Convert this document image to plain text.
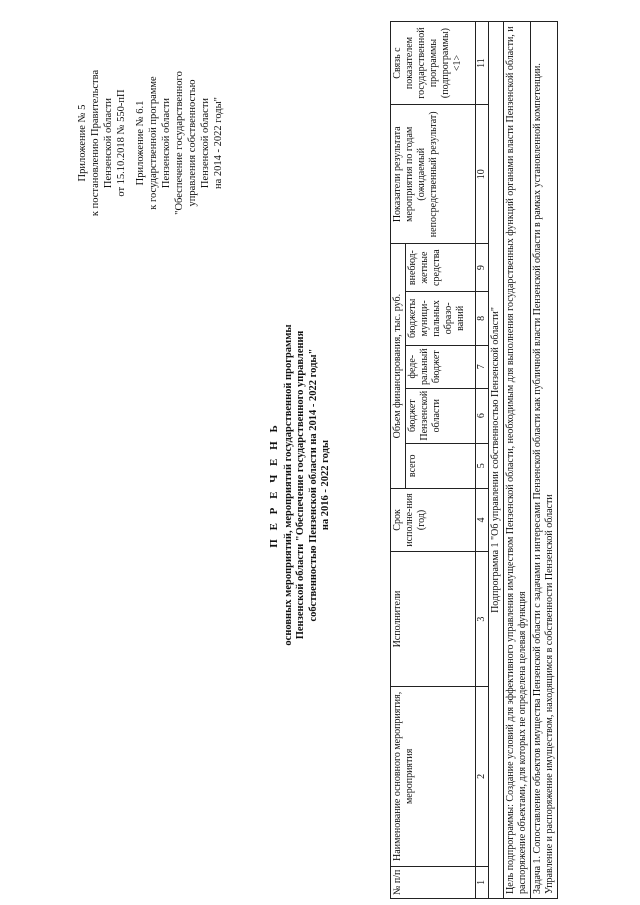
Приложение № 5 к постановлению Правительства Пензенской области от 15.10.2018 № 550-пП Приложение № 6.1 к государственной программе Пензенской области "Обеспечение государственного управления собственностью Пензенской области на 2014 - 2022 годы"
П Е Р Е Ч Е Н Ь основных мероприятий, мероприятий государственной программы Пензенской области "Обеспечение государственного управления собственностью Пензенской области на 2014 - 2022 годы" на 2016 - 2022 годы
№ п/п	Наименование основного мероприятия, мероприятия	Исполнители	Срок исполне-ния (год)	Объем финансирования, тыс. руб.					Показатели результата мероприятия по годам (ожидаемый непосредственный результат)	Связь с показателем государственной программы (подпрограммы) <1>
				всего	бюджет Пензенской области	феде-ральный бюджет	бюджеты муници-пальных образо-ваний	внебюд-жетные средства		
1	2	3	4	5	6	7	8	9	10	11
Подпрограмма 1 "Об управлении собственностью Пензенской области"										
Цель подпрограммы: Создание условий для эффективного управления имуществом Пензенской области, необходимым для выполнения государственных функций органами власти Пензенской области, и распоряжение объектами, для которых не определена целевая функция										
Задача 1. Сопоставление объектов имущества Пензенской области с задачами и интересами Пензенской области как публичной власти Пензенской области в рамках установленной компетенции. Управление и распоряжение имуществом, находящимся в собственности Пензенской области										
